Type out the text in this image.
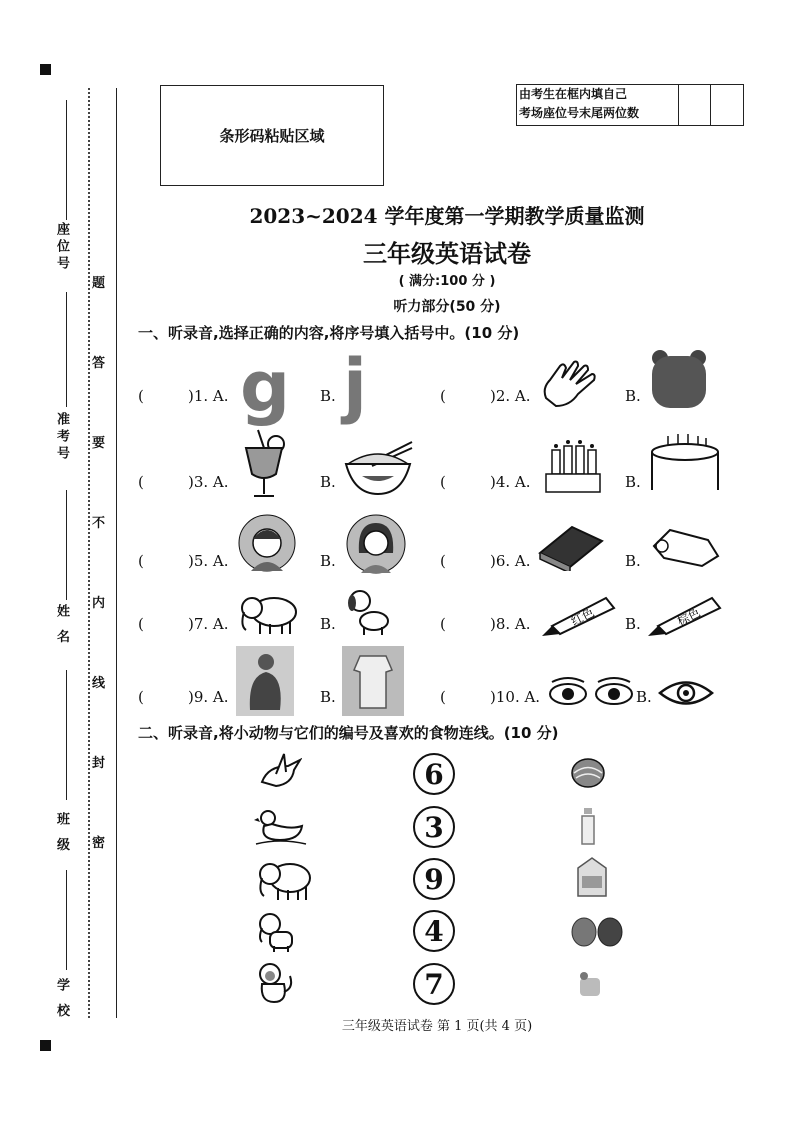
座位号
准考号
姓 名
班 级
学 校
题
答
要
不
内
线
封
密
条形码粘贴区域
由考生在框内填自己
考场座位号末尾两位数
2023~2024 学年度第一学期教学质量监测
三年级英语试卷
( 满分:100 分 )
听力部分(50 分)
一、听录音,选择正确的内容,将序号填入括号中。(10 分)
(	)1. A. g B. j	(	)2. A.	B.
(	)3. A.	B.	(	)4. A.	B.
(	)5. A.	B.	(	)6. A.	B.
(	)7. A.	B.	(	)8. A.	红色 B.	棕色
(	)9. A.	B.	(	)10. A.	B.
二、听录音,将小动物与它们的编号及喜欢的食物连线。(10 分)
6
3
9
4
7
三年级英语试卷 第 1 页(共 4 页)
